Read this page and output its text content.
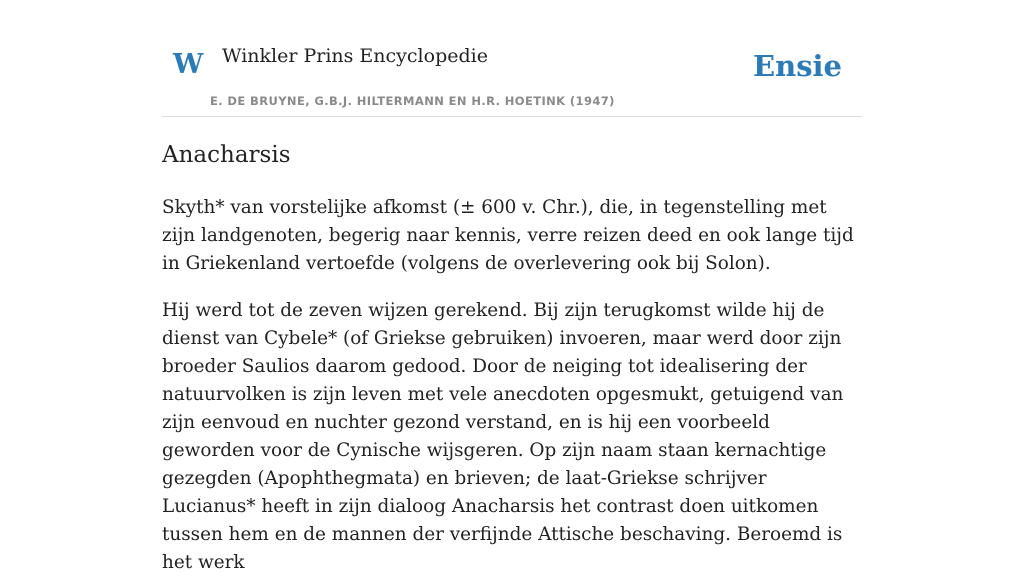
W Winkler Prins Encyclopedie
E. DE BRUYNE, G.B.J. HILTERMANN EN H.R. HOETINK (1947)
Ensie
Anacharsis

Skyth* van vorstelijke afkomst (± 600 v. Chr.), die, in tegenstelling met zijn landgenoten, begerig naar kennis, verre reizen deed en ook lange tijd in Griekenland vertoefde (volgens de overlevering ook bij Solon).

Hij werd tot de zeven wijzen gerekend. Bij zijn terugkomst wilde hij de dienst van Cybele* (of Griekse gebruiken) invoeren, maar werd door zijn broeder Saulios daarom gedood. Door de neiging tot idealisering der natuurvolken is zijn leven met vele anecdoten opgesmukt, getuigend van zijn eenvoud en nuchter gezond verstand, en is hij een voorbeeld geworden voor de Cynische wijsgeren. Op zijn naam staan kernachtige gezegden (Apophthegmata) en brieven; de laat-Griekse schrijver Lucianus* heeft in zijn dialoog Anacharsis het contrast doen uitkomen tussen hem en de mannen der verfijnde Attische beschaving. Beroemd is het werk
